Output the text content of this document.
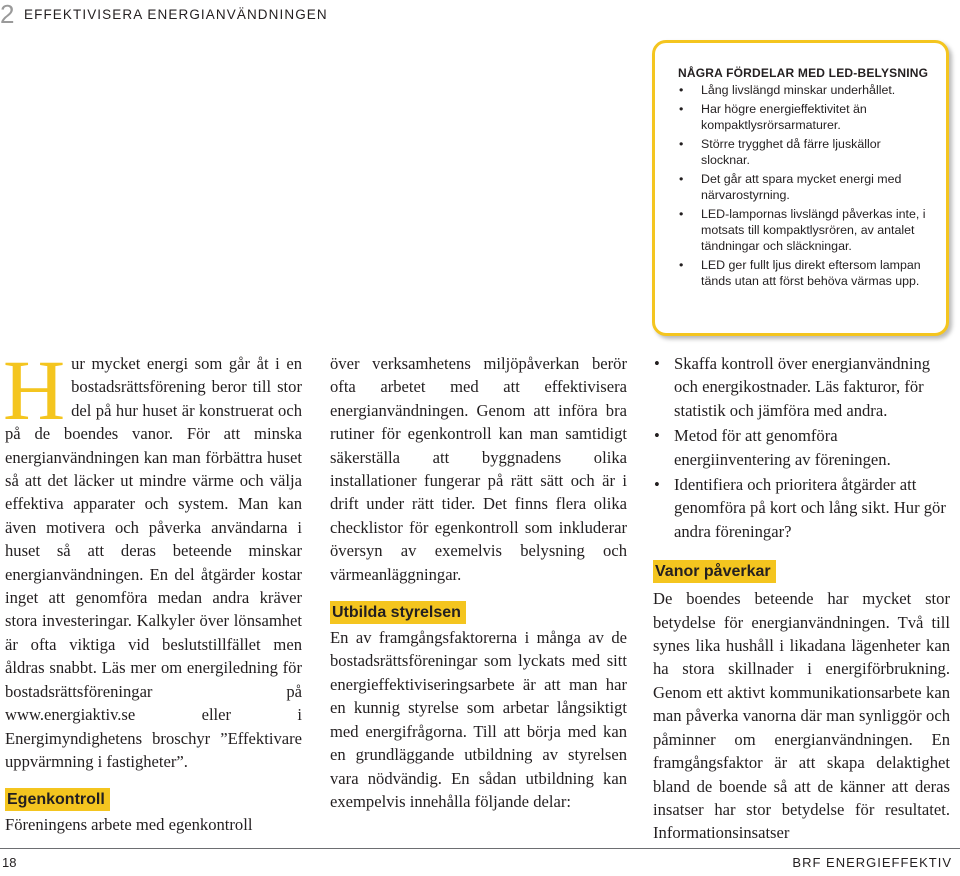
2 EFFEKTIVISERA ENERGIANVÄNDNINGEN
NÅGRA FÖRDELAR MED LED-BELYSNING
• Lång livslängd minskar underhållet.
• Har högre energieffektivitet än kompaktlysrörsarmaturer.
• Större trygghet då färre ljuskällor slocknar.
• Det går att spara mycket energi med närvarostyrning.
• LED-lampornas livslängd påverkas inte, i motsats till kompaktlysrören, av antalet tändningar och släckningar.
• LED ger fullt ljus direkt eftersom lampan tänds utan att först behöva värmas upp.

Hur mycket energi som går åt i en bostadsrättsförening beror till stor del på hur huset är konstruerat och på de boendes vanor. För att minska energianvändningen kan man förbättra huset så att det läcker ut mindre värme och välja effektiva apparater och system. Man kan även motivera och påverka användarna i huset så att deras beteende minskar energianvändningen. En del åtgärder kostar inget att genomföra medan andra kräver stora investeringar. Kalkyler över lönsamhet är ofta viktiga vid beslutstillfället men åldras snabbt. Läs mer om energiledning för bostadsrättsföreningar på www.energiaktiv.se eller i Energimyndighetens broschyr ”Effektivare uppvärmning i fastigheter”.

Egenkontroll

Föreningens arbete med egenkontroll

över verksamhetens miljöpåverkan berör ofta arbetet med att effektivisera energianvändningen. Genom att införa bra rutiner för egenkontroll kan man samtidigt säkerställa att byggnadens olika installationer fungerar på rätt sätt och är i drift under rätt tider. Det finns flera olika checklistor för egenkontroll som inkluderar översyn av exemelvis belysning och värmeanläggningar.

Utbilda styrelsen

En av framgångsfaktorerna i många av de bostadsrättsföreningar som lyckats med sitt energieffektiviseringsarbete är att man har en kunnig styrelse som arbetar långsiktigt med energifrågorna. Till att börja med kan en grundläggande utbildning av styrelsen vara nödvändig. En sådan utbildning kan exempelvis innehålla följande delar:

• Skaffa kontroll över energianvändning och energikostnader. Läs fakturor, för statistik och jämföra med andra.
• Metod för att genomföra energiinventering av föreningen.
• Identifiera och prioritera åtgärder att genomföra på kort och lång sikt. Hur gör andra föreningar?
Vanor påverkar

De boendes beteende har mycket stor betydelse för energianvändningen. Två till synes lika hushåll i likadana lägenheter kan ha stora skillnader i energiförbrukning. Genom ett aktivt kommunikationsarbete kan man påverka vanorna där man synliggör och påminner om energianvändningen. En framgångsfaktor är att skapa delaktighet bland de boende så att de känner att deras insatser har stor betydelse för resultatet. Informationsinsatser

18	BRF ENERGIEFFEKTIV
